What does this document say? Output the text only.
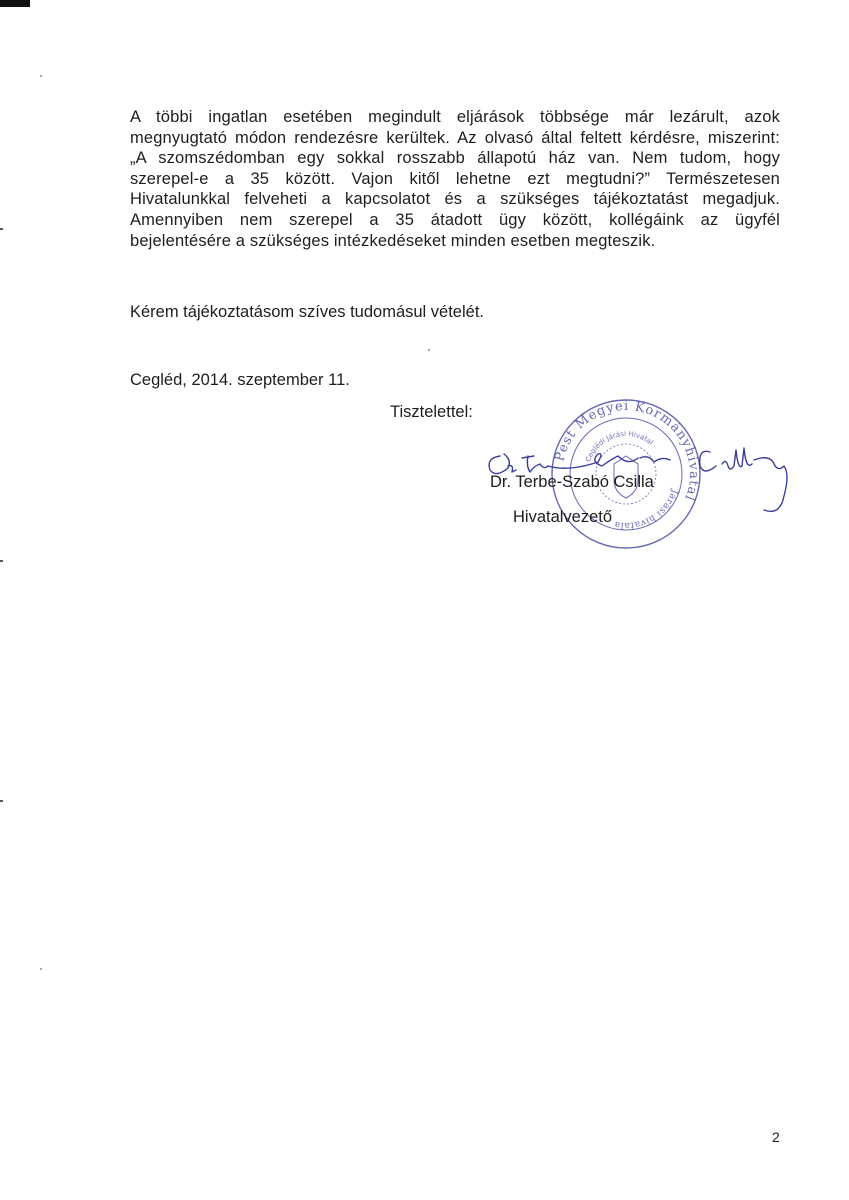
A többi ingatlan esetében megindult eljárások többsége már lezárult, azok
megnyugtató módon rendezésre kerültek. Az olvasó által feltett kérdésre, miszerint:
„A szomszédomban egy sokkal rosszabb állapotú ház van. Nem tudom, hogy
szerepel-e a 35 között. Vajon kitől lehetne ezt megtudni?” Természetesen
Hivatalunkkal felveheti a kapcsolatot és a szükséges tájékoztatást megadjuk.
Amennyiben nem szerepel a 35 átadott ügy között, kollégáink az ügyfél
bejelentésére a szükséges intézkedéseket minden esetben megteszik.
Kérem tájékoztatásom szíves tudomásul vételét.
Cegléd, 2014. szeptember 11.
Tisztelettel:
Pest Megyei Kormányhivatal
Járási hivatala
Ceglédi Járási Hivatal
Dr. Terbe-Szabó Csilla
Hivatalvezető
2
